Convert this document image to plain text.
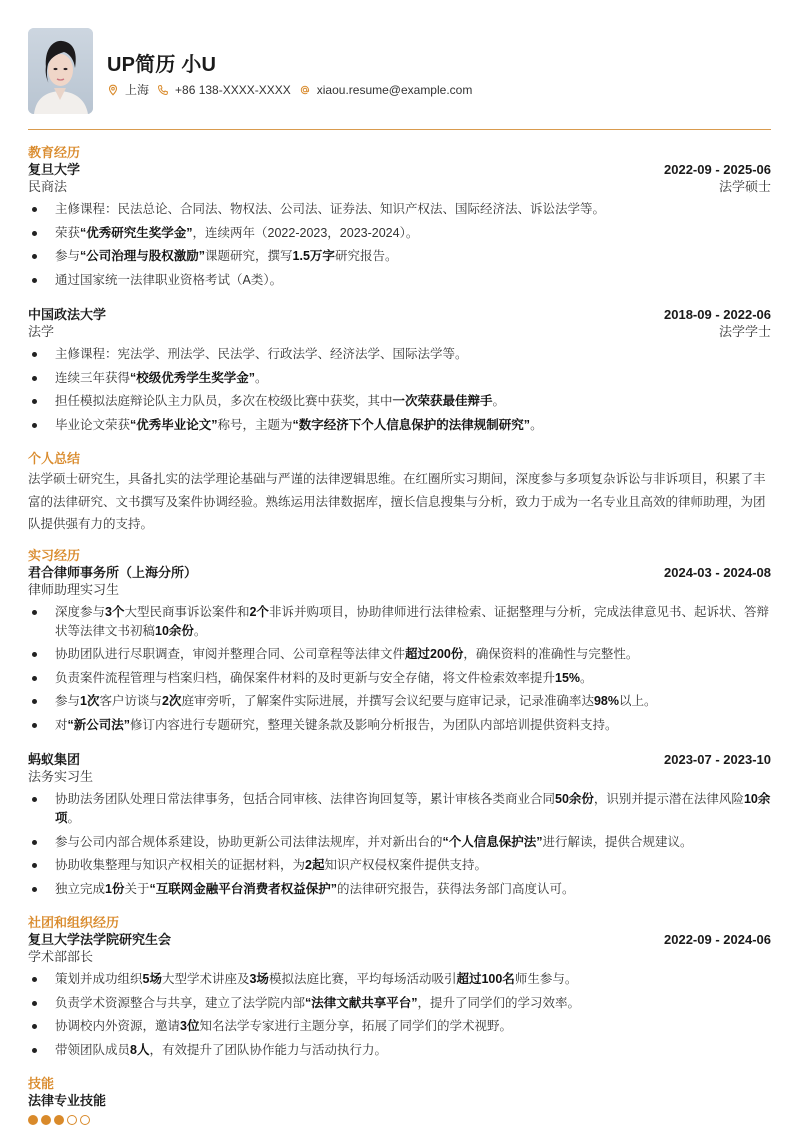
UP简历 小U
上海 +86 138-XXXX-XXXX xiaou.resume@example.com
教育经历
复旦大学	2022-09 - 2025-06
民商法	法学硕士
主修课程：民法总论、合同法、物权法、公司法、证券法、知识产权法、国际经济法、诉讼法学等。
荣获“优秀研究生奖学金”，连续两年（2022-2023，2023-2024）。
参与“公司治理与股权激励”课题研究，撰写1.5万字研究报告。
通过国家统一法律职业资格考试（A类）。
中国政法大学	2018-09 - 2022-06
法学	法学学士
主修课程：宪法学、刑法学、民法学、行政法学、经济法学、国际法学等。
连续三年获得“校级优秀学生奖学金”。
担任模拟法庭辩论队主力队员，多次在校级比赛中获奖，其中一次荣获最佳辩手。
毕业论文荣获“优秀毕业论文”称号，主题为“数字经济下个人信息保护的法律规制研究”。
个人总结
法学硕士研究生，具备扎实的法学理论基础与严谨的法律逻辑思维。在红圈所实习期间，深度参与多项复杂诉讼与非诉项目，积累了丰富的法律研究、文书撰写及案件协调经验。熟练运用法律数据库，擅长信息搜集与分析，致力于成为一名专业且高效的律师助理，为团队提供强有力的支持。
实习经历
君合律师事务所（上海分所）	2024-03 - 2024-08
律师助理实习生
深度参与3个大型民商事诉讼案件和2个非诉并购项目，协助律师进行法律检索、证据整理与分析，完成法律意见书、起诉状、答辩状等法律文书初稿10余份。
协助团队进行尽职调查，审阅并整理合同、公司章程等法律文件超过200份，确保资料的准确性与完整性。
负责案件流程管理与档案归档，确保案件材料的及时更新与安全存储，将文件检索效率提升15%。
参与1次客户访谈与2次庭审旁听，了解案件实际进展，并撰写会议纪要与庭审记录，记录准确率达98%以上。
对“新公司法”修订内容进行专题研究，整理关键条款及影响分析报告，为团队内部培训提供资料支持。
蚂蚁集团	2023-07 - 2023-10
法务实习生
协助法务团队处理日常法律事务，包括合同审核、法律咨询回复等，累计审核各类商业合同50余份，识别并提示潜在法律风险10余项。
参与公司内部合规体系建设，协助更新公司法律法规库，并对新出台的“个人信息保护法”进行解读，提供合规建议。
协助收集整理与知识产权相关的证据材料，为2起知识产权侵权案件提供支持。
独立完成1份关于“互联网金融平台消费者权益保护”的法律研究报告，获得法务部门高度认可。
社团和组织经历
复旦大学法学院研究生会	2022-09 - 2024-06
学术部部长
策划并成功组织5场大型学术讲座及3场模拟法庭比赛，平均每场活动吸引超过100名师生参与。
负责学术资源整合与共享，建立了法学院内部“法律文献共享平台”，提升了同学们的学习效率。
协调校内外资源，邀请3位知名法学专家进行主题分享，拓展了同学们的学术视野。
带领团队成员8人，有效提升了团队协作能力与活动执行力。
技能
法律专业技能
